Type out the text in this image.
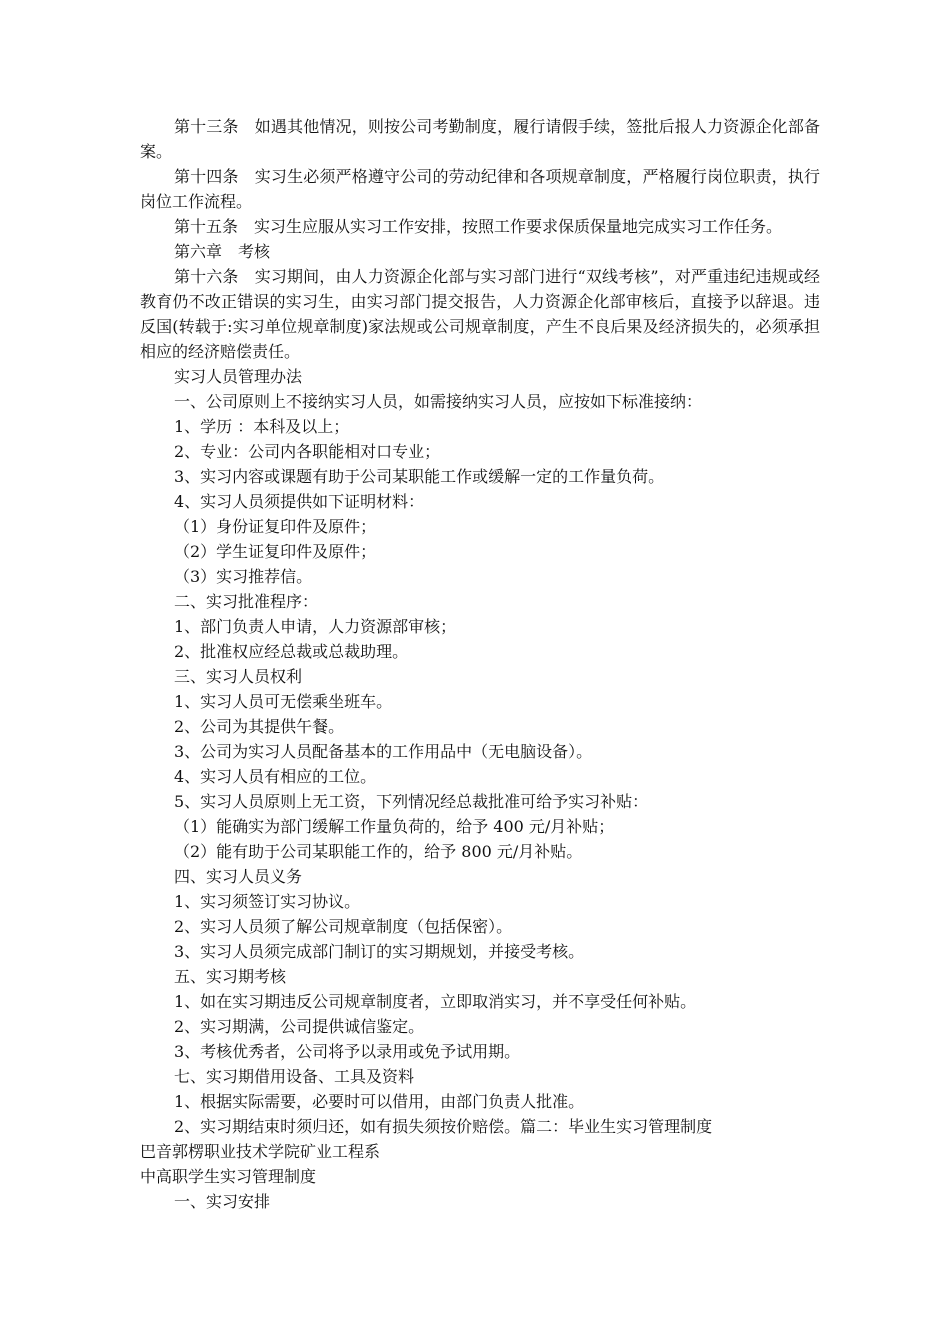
第十三条　如遇其他情况，则按公司考勤制度，履行请假手续，签批后报人力资源企化部备案。

第十四条　实习生必须严格遵守公司的劳动纪律和各项规章制度，严格履行岗位职责，执行岗位工作流程。

第十五条　实习生应服从实习工作安排，按照工作要求保质保量地完成实习工作任务。

第六章　考核

第十六条　实习期间，由人力资源企化部与实习部门进行“双线考核”，对严重违纪违规或经教育仍不改正错误的实习生，由实习部门提交报告，人力资源企化部审核后，直接予以辞退。违反国(转载于:实习单位规章制度)家法规或公司规章制度，产生不良后果及经济损失的，必须承担相应的经济赔偿责任。

实习人员管理办法

一、公司原则上不接纳实习人员，如需接纳实习人员，应按如下标准接纳：

1、学历 ：本科及以上；

2、专业：公司内各职能相对口专业；

3、实习内容或课题有助于公司某职能工作或缓解一定的工作量负荷。

4、实习人员须提供如下证明材料：

（1）身份证复印件及原件；

（2）学生证复印件及原件；

（3）实习推荐信。

二、实习批准程序：

1、部门负责人申请，人力资源部审核；

2、批准权应经总裁或总裁助理。

三、实习人员权利

1、实习人员可无偿乘坐班车。

2、公司为其提供午餐。

3、公司为实习人员配备基本的工作用品中（无电脑设备）。

4、实习人员有相应的工位。

5、实习人员原则上无工资，下列情况经总裁批准可给予实习补贴：

（1）能确实为部门缓解工作量负荷的，给予 400 元/月补贴；

（2）能有助于公司某职能工作的，给予 800 元/月补贴。

四、实习人员义务

1、实习须签订实习协议。

2、实习人员须了解公司规章制度（包括保密）。

3、实习人员须完成部门制订的实习期规划，并接受考核。

五、实习期考核

1、如在实习期违反公司规章制度者，立即取消实习，并不享受任何补贴。

2、实习期满，公司提供诚信鉴定。

3、考核优秀者，公司将予以录用或免予试用期。

七、实习期借用设备、工具及资料

1、根据实际需要，必要时可以借用，由部门负责人批准。

2、实习期结束时须归还，如有损失须按价赔偿。篇二：毕业生实习管理制度

巴音郭楞职业技术学院矿业工程系

中高职学生实习管理制度

一、实习安排
